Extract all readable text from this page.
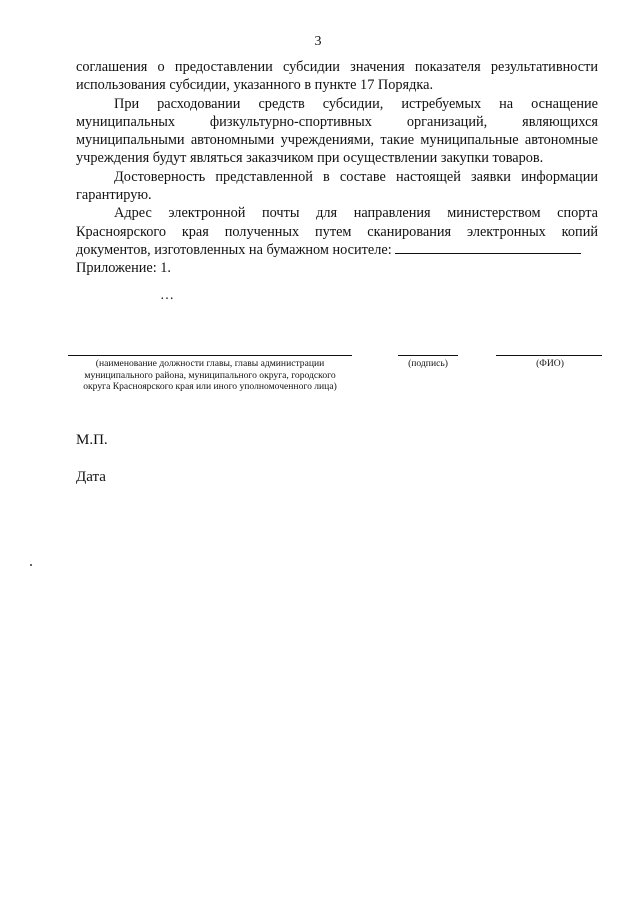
3

соглашения о предоставлении субсидии значения показателя результативности использования субсидии, указанного в пункте 17 Порядка.

При расходовании средств субсидии, истребуемых на оснащение муниципальных физкультурно-спортивных организаций, являющихся муниципальными автономными учреждениями, такие муниципальные автономные учреждения будут являться заказчиком при осуществлении закупки товаров.

Достоверность представленной в составе настоящей заявки информации гарантирую.

Адрес электронной почты для направления министерством спорта Красноярского края полученных путем сканирования электронных копий документов, изготовленных на бумажном носителе:

Приложение: 1.

…
(наименование должности главы, главы администрации муниципального района, муниципального округа, городского округа Красноярского края или иного уполномоченного лица)
(подпись)	(ФИО)
М.П.
Дата
